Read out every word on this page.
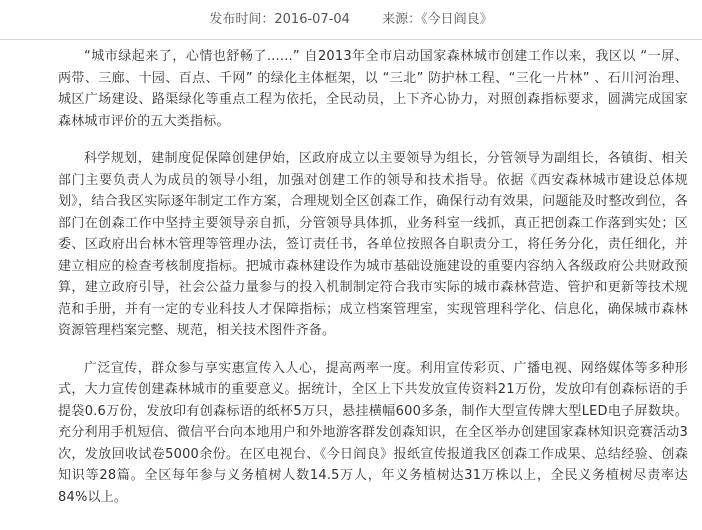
发布时间：2016-07-04 来源：《今日阎良》

“城市绿起来了，心情也舒畅了......” 自2013年全市启动国家森林城市创建工作以来，我区以 “一屏、两带、三廊、十园、百点、千网” 的绿化主体框架，以 “三北” 防护林工程、“三化一片林” 、石川河治理、城区广场建设、路渠绿化等重点工程为依托，全民动员，上下齐心协力，对照创森指标要求，圆满完成国家森林城市评价的五大类指标。

科学规划，建制度促保障创建伊始，区政府成立以主要领导为组长，分管领导为副组长，各镇街、相关部门主要负责人为成员的领导小组，加强对创建工作的领导和技术指导。依据《西安森林城市建设总体规划》，结合我区实际逐年制定工作方案，合理规划全区创森工作，确保行动有效果，问题能及时整改到位，各部门在创森工作中坚持主要领导亲自抓，分管领导具体抓，业务科室一线抓，真正把创森工作落到实处；区委、区政府出台林木管理等管理办法，签订责任书，各单位按照各自职责分工，将任务分化，责任细化，并建立相应的检查考核制度指标。把城市森林建设作为城市基础设施建设的重要内容纳入各级政府公共财政预算，建立政府引导，社会公益力量参与的投入机制制定符合我市实际的城市森林营造、管护和更新等技术规范和手册，并有一定的专业科技人才保障指标；成立档案管理室，实现管理科学化、信息化，确保城市森林资源管理档案完整、规范，相关技术图件齐备。

广泛宣传，群众参与享实惠宣传入人心，提高两率一度。利用宣传彩页、广播电视、网络媒体等多种形式，大力宣传创建森林城市的重要意义。据统计，全区上下共发放宣传资料21万份，发放印有创森标语的手提袋0.6万份，发放印有创森标语的纸杯5万只，悬挂横幅600多条，制作大型宣传牌大型LED电子屏数块。充分利用手机短信、微信平台向本地用户和外地游客群发创森知识，在全区举办创建国家森林知识竞赛活动3次，发放回收试卷5000余份。在区电视台、《今日阎良》报纸宣传报道我区创森工作成果、总结经验、创森知识等28篇。全区每年参与义务植树人数14.5万人，年义务植树达31万株以上，全民义务植树尽责率达84%以上。
